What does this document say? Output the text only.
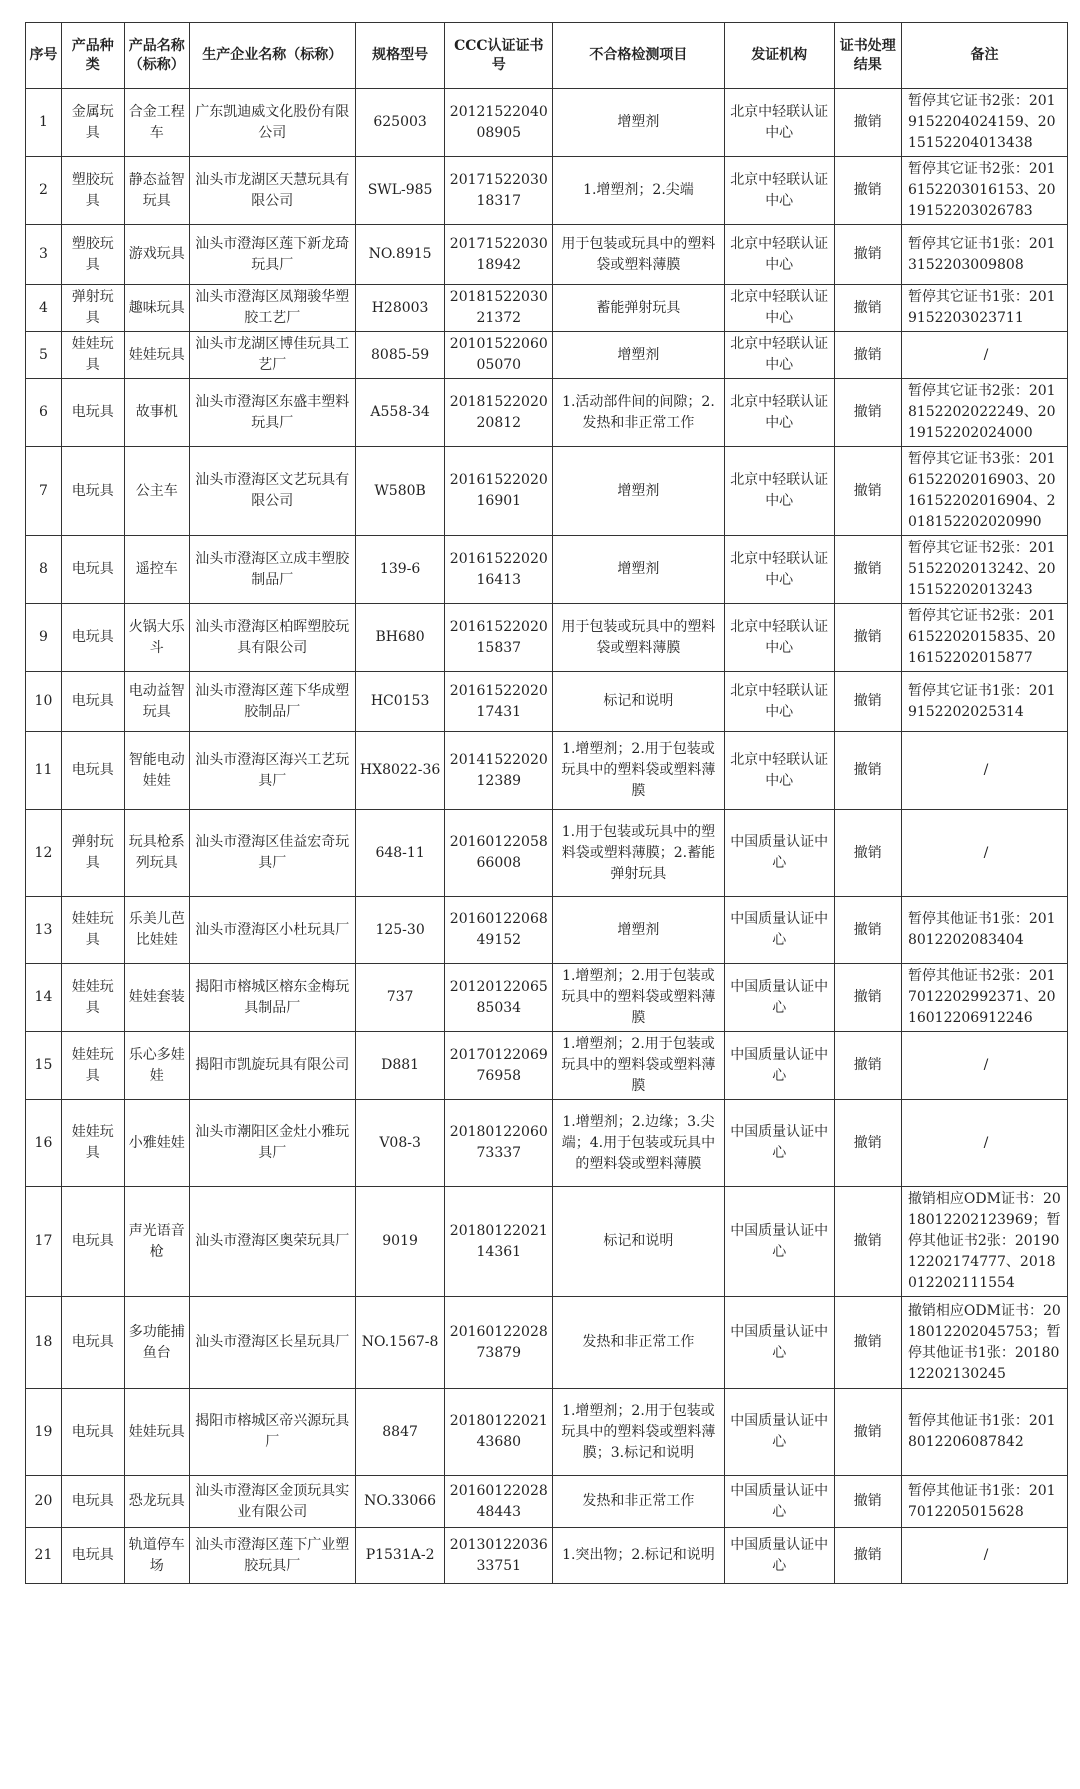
序号	产品种类	产品名称（标称）	生产企业名称（标称）	规格型号	CCC认证证书号	不合格检测项目	发证机构	证书处理结果	备注
1	金属玩具	合金工程车	广东凯迪威文化股份有限公司	625003	2012152204008905	增塑剂	北京中轻联认证中心	撤销	暂停其它证书2张：2019152204024159、2015152204013438
2	塑胶玩具	静态益智玩具	汕头市龙湖区天慧玩具有限公司	SWL-985	2017152203018317	1.增塑剂；2.尖端	北京中轻联认证中心	撤销	暂停其它证书2张：2016152203016153、2019152203026783
3	塑胶玩具	游戏玩具	汕头市澄海区莲下新龙琦玩具厂	NO.8915	2017152203018942	用于包装或玩具中的塑料袋或塑料薄膜	北京中轻联认证中心	撤销	暂停其它证书1张：2013152203009808
4	弹射玩具	趣味玩具	汕头市澄海区凤翔骏华塑胶工艺厂	H28003	2018152203021372	蓄能弹射玩具	北京中轻联认证中心	撤销	暂停其它证书1张：2019152203023711
5	娃娃玩具	娃娃玩具	汕头市龙湖区博佳玩具工艺厂	8085-59	2010152206005070	增塑剂	北京中轻联认证中心	撤销	/
6	电玩具	故事机	汕头市澄海区东盛丰塑料玩具厂	A558-34	2018152202020812	1.活动部件间的间隙；2.发热和非正常工作	北京中轻联认证中心	撤销	暂停其它证书2张：2018152202022249、2019152202024000
7	电玩具	公主车	汕头市澄海区文艺玩具有限公司	W580B	2016152202016901	增塑剂	北京中轻联认证中心	撤销	暂停其它证书3张：2016152202016903、2016152202016904、2018152202020990
8	电玩具	遥控车	汕头市澄海区立成丰塑胶制品厂	139-6	2016152202016413	增塑剂	北京中轻联认证中心	撤销	暂停其它证书2张：2015152202013242、2015152202013243
9	电玩具	火锅大乐斗	汕头市澄海区柏晖塑胶玩具有限公司	BH680	2016152202015837	用于包装或玩具中的塑料袋或塑料薄膜	北京中轻联认证中心	撤销	暂停其它证书2张：2016152202015835、2016152202015877
10	电玩具	电动益智玩具	汕头市澄海区莲下华成塑胶制品厂	HC0153	2016152202017431	标记和说明	北京中轻联认证中心	撤销	暂停其它证书1张：2019152202025314
11	电玩具	智能电动娃娃	汕头市澄海区海兴工艺玩具厂	HX8022-36	2014152202012389	1.增塑剂；2.用于包装或玩具中的塑料袋或塑料薄膜	北京中轻联认证中心	撤销	/
12	弹射玩具	玩具枪系列玩具	汕头市澄海区佳益宏奇玩具厂	648-11	2016012205866008	1.用于包装或玩具中的塑料袋或塑料薄膜；2.蓄能弹射玩具	中国质量认证中心	撤销	/
13	娃娃玩具	乐美儿芭比娃娃	汕头市澄海区小杜玩具厂	125-30	2016012206849152	增塑剂	中国质量认证中心	撤销	暂停其他证书1张：2018012202083404
14	娃娃玩具	娃娃套装	揭阳市榕城区榕东金梅玩具制品厂	737	2012012206585034	1.增塑剂；2.用于包装或玩具中的塑料袋或塑料薄膜	中国质量认证中心	撤销	暂停其他证书2张：2017012202992371、2016012206912246
15	娃娃玩具	乐心多娃娃	揭阳市凯旋玩具有限公司	D881	2017012206976958	1.增塑剂；2.用于包装或玩具中的塑料袋或塑料薄膜	中国质量认证中心	撤销	/
16	娃娃玩具	小雅娃娃	汕头市潮阳区金灶小雅玩具厂	V08-3	2018012206073337	1.增塑剂；2.边缘；3.尖端；4.用于包装或玩具中的塑料袋或塑料薄膜	中国质量认证中心	撤销	/
17	电玩具	声光语音枪	汕头市澄海区奥荣玩具厂	9019	2018012202114361	标记和说明	中国质量认证中心	撤销	撤销相应ODM证书：2018012202123969；暂停其他证书2张：2019012202174777、2018012202111554
18	电玩具	多功能捕鱼台	汕头市澄海区长星玩具厂	NO.1567-8	2016012202873879	发热和非正常工作	中国质量认证中心	撤销	撤销相应ODM证书：2018012202045753；暂停其他证书1张：2018012202130245
19	电玩具	娃娃玩具	揭阳市榕城区帝兴源玩具厂	8847	2018012202143680	1.增塑剂；2.用于包装或玩具中的塑料袋或塑料薄膜；3.标记和说明	中国质量认证中心	撤销	暂停其他证书1张：2018012206087842
20	电玩具	恐龙玩具	汕头市澄海区金顶玩具实业有限公司	NO.33066	2016012202848443	发热和非正常工作	中国质量认证中心	撤销	暂停其他证书1张：2017012205015628
21	电玩具	轨道停车场	汕头市澄海区莲下广业塑胶玩具厂	P1531A-2	2013012203633751	1.突出物；2.标记和说明	中国质量认证中心	撤销	/
